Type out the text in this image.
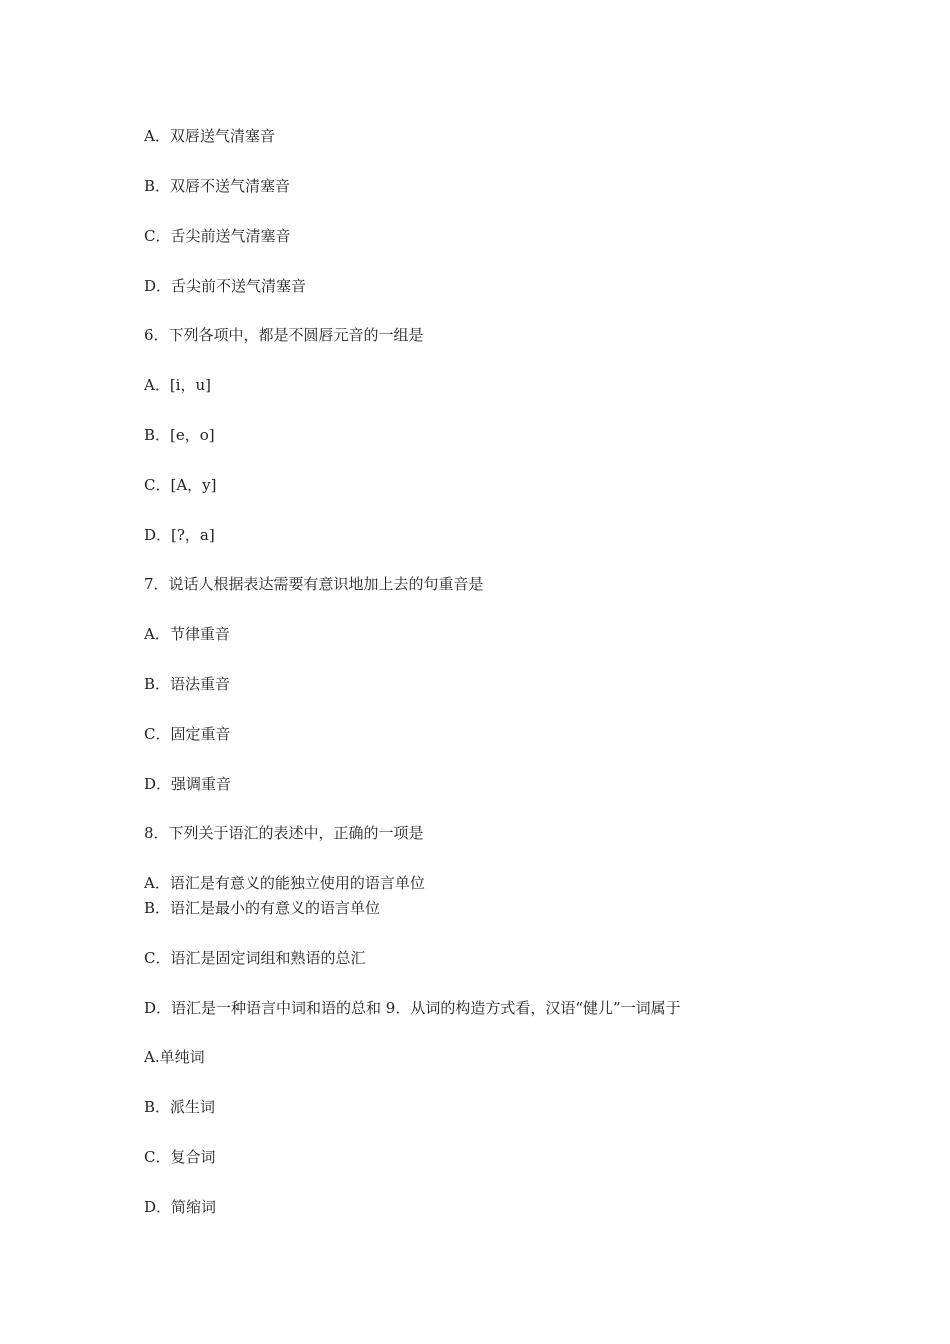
A．双唇送气清塞音
B．双唇不送气清塞音
C．舌尖前送气清塞音
D．舌尖前不送气清塞音
6．下列各项中，都是不圆唇元音的一组是
A．[i，u]
B．[e，o]
C．[A，y]
D．[?，a]
7．说话人根据表达需要有意识地加上去的句重音是
A．节律重音
B．语法重音
C．固定重音
D．强调重音
8．下列关于语汇的表述中，正确的一项是
A．语汇是有意义的能独立使用的语言单位
B．语汇是最小的有意义的语言单位
C．语汇是固定词组和熟语的总汇
D．语汇是一种语言中词和语的总和 9．从词的构造方式看，汉语“健儿”一词属于
A.单纯词
B．派生词
C．复合词
D．简缩词
